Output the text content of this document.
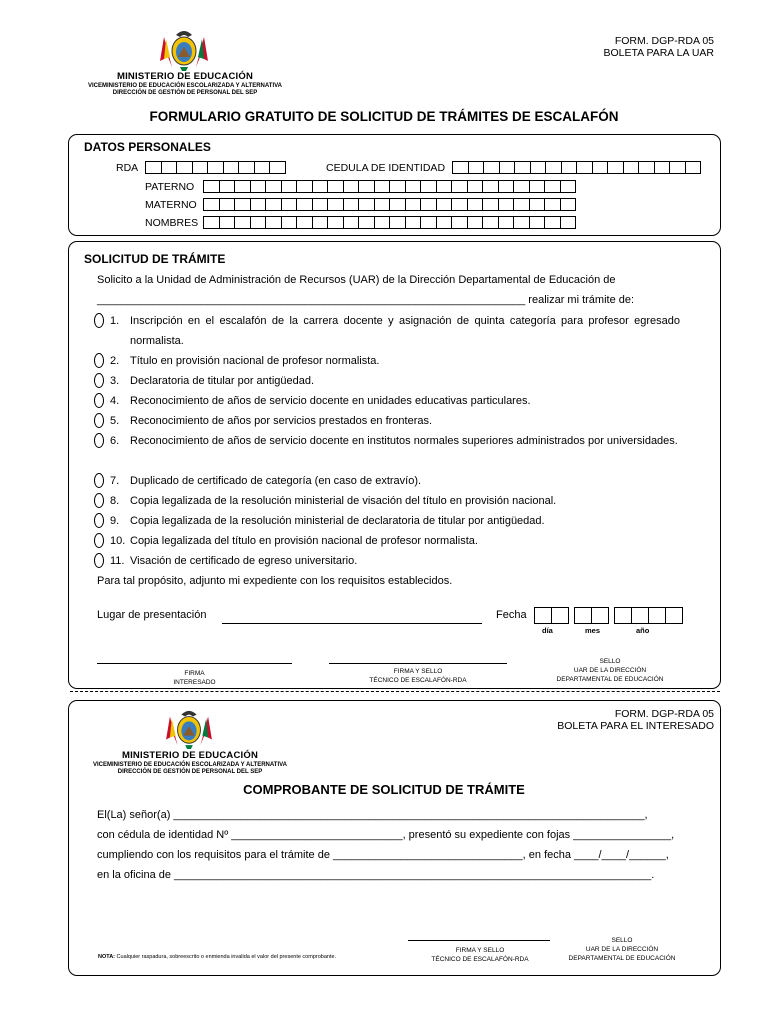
MINISTERIO DE EDUCACIÓN
VICEMINISTERIO DE EDUCACIÓN ESCOLARIZADA Y ALTERNATIVA
DIRECCIÓN DE GESTIÓN DE PERSONAL DEL SEP
FORM. DGP-RDA 05
BOLETA PARA LA UAR
FORMULARIO GRATUITO DE SOLICITUD DE TRÁMITES DE ESCALAFÓN
DATOS PERSONALES
RDA	CEDULA DE IDENTIDAD
PATERNO
MATERNO
NOMBRES
SOLICITUD DE TRÁMITE
Solicito a la Unidad de Administración de Recursos (UAR) de la Dirección Departamental de Educación de
______________________________________________________________________ realizar mi trámite de:
1. Inscripción en el escalafón de la carrera docente y asignación de quinta categoría para profesor egresado normalista.
2. Título en provisión nacional de profesor normalista.
3. Declaratoria de titular por antigüedad.
4. Reconocimiento de años de servicio docente en unidades educativas particulares.
5. Reconocimiento de años por servicios prestados en fronteras.
6. Reconocimiento de años de servicio docente en institutos normales superiores administrados por universidades.
7. Duplicado de certificado de categoría (en caso de extravío).
8. Copia legalizada de la resolución ministerial de visación del título en provisión nacional.
9. Copia legalizada de la resolución ministerial de declaratoria de titular por antigüedad.
10. Copia legalizada del título en provisión nacional de profesor normalista.
11. Visación de certificado de egreso universitario.
Para tal propósito, adjunto mi expediente con los requisitos establecidos.
Lugar de presentación	Fecha
día	mes	año
FIRMA
INTERESADO
FIRMA Y SELLO
TÉCNICO DE ESCALAFÓN-RDA
SELLO
UAR DE LA DIRECCIÓN
DEPARTAMENTAL DE EDUCACIÓN
MINISTERIO DE EDUCACIÓN
VICEMINISTERIO DE EDUCACIÓN ESCOLARIZADA Y ALTERNATIVA
DIRECCIÓN DE GESTIÓN DE PERSONAL DEL SEP
FORM. DGP-RDA 05
BOLETA PARA EL INTERESADO
COMPROBANTE DE SOLICITUD DE TRÁMITE
El(La) señor(a) _____________________________________________________________________________,
con cédula de identidad Nº ____________________________, presentó su expediente con fojas ________________,
cumpliendo con los requisitos para el trámite de _______________________________, en fecha ____/____/______,
en la oficina de ______________________________________________________________________________.
FIRMA Y SELLO
TÉCNICO DE ESCALAFÓN-RDA
SELLO
UAR DE LA DIRECCIÓN
DEPARTAMENTAL DE EDUCACIÓN
NOTA: Cualquier raspadura, sobreescrito o enmienda invalida el valor del presente comprobante.
